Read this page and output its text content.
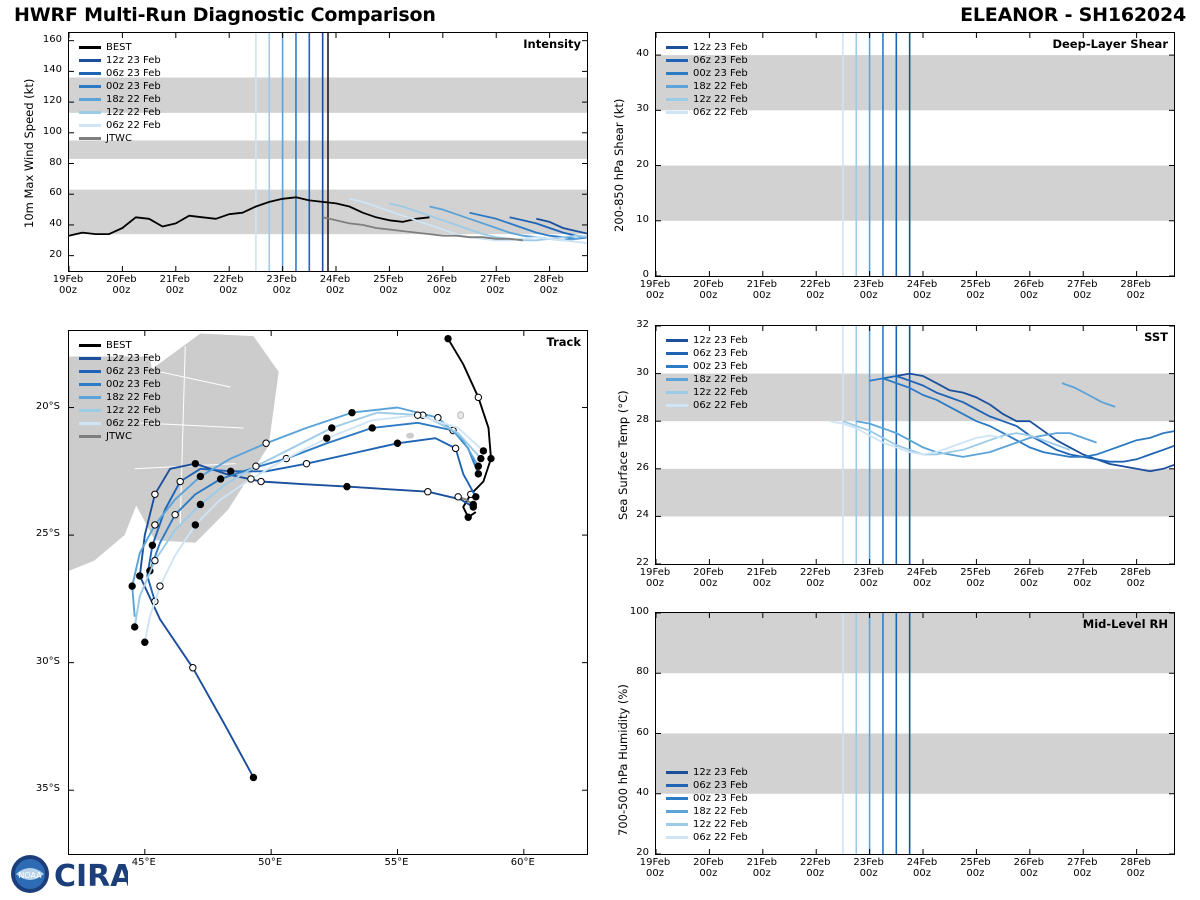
HWRF Multi-Run Diagnostic Comparison	ELEANOR - SH162024
Intensity
BEST
12z 23 Feb
06z 23 Feb
00z 23 Feb
18z 22 Feb
12z 22 Feb
06z 22 Feb
JTWC
10m Max Wind Speed (kt)
Deep-Layer Shear
12z 23 Feb
06z 23 Feb
00z 23 Feb
18z 22 Feb
12z 22 Feb
06z 22 Feb
200-850 hPa Shear (kt)
Track
BEST
12z 23 Feb
06z 23 Feb
00z 23 Feb
18z 22 Feb
12z 22 Feb
06z 22 Feb
JTWC
SST
12z 23 Feb
06z 23 Feb
00z 23 Feb
18z 22 Feb
12z 22 Feb
06z 22 Feb
Sea Surface Temp (°C)
Mid-Level RH
12z 23 Feb
06z 23 Feb
00z 23 Feb
18z 22 Feb
12z 22 Feb
06z 22 Feb
700-500 hPa Humidity (%)
NOAA CIRA
20
40
60
80
100
120
140
160
19Feb
00z
20Feb
00z
21Feb
00z
22Feb
00z
23Feb
00z
24Feb
00z
25Feb
00z
26Feb
00z
27Feb
00z
28Feb
00z
0
10
20
30
40
19Feb
00z
20Feb
00z
21Feb
00z
22Feb
00z
23Feb
00z
24Feb
00z
25Feb
00z
26Feb
00z
27Feb
00z
28Feb
00z
22
24
26
28
30
32
19Feb
00z
20Feb
00z
21Feb
00z
22Feb
00z
23Feb
00z
24Feb
00z
25Feb
00z
26Feb
00z
27Feb
00z
28Feb
00z
20
40
60
80
100
19Feb
00z
20Feb
00z
21Feb
00z
22Feb
00z
23Feb
00z
24Feb
00z
25Feb
00z
26Feb
00z
27Feb
00z
28Feb
00z
45°E	50°E	55°E	60°E
20°S
25°S
30°S
35°S
